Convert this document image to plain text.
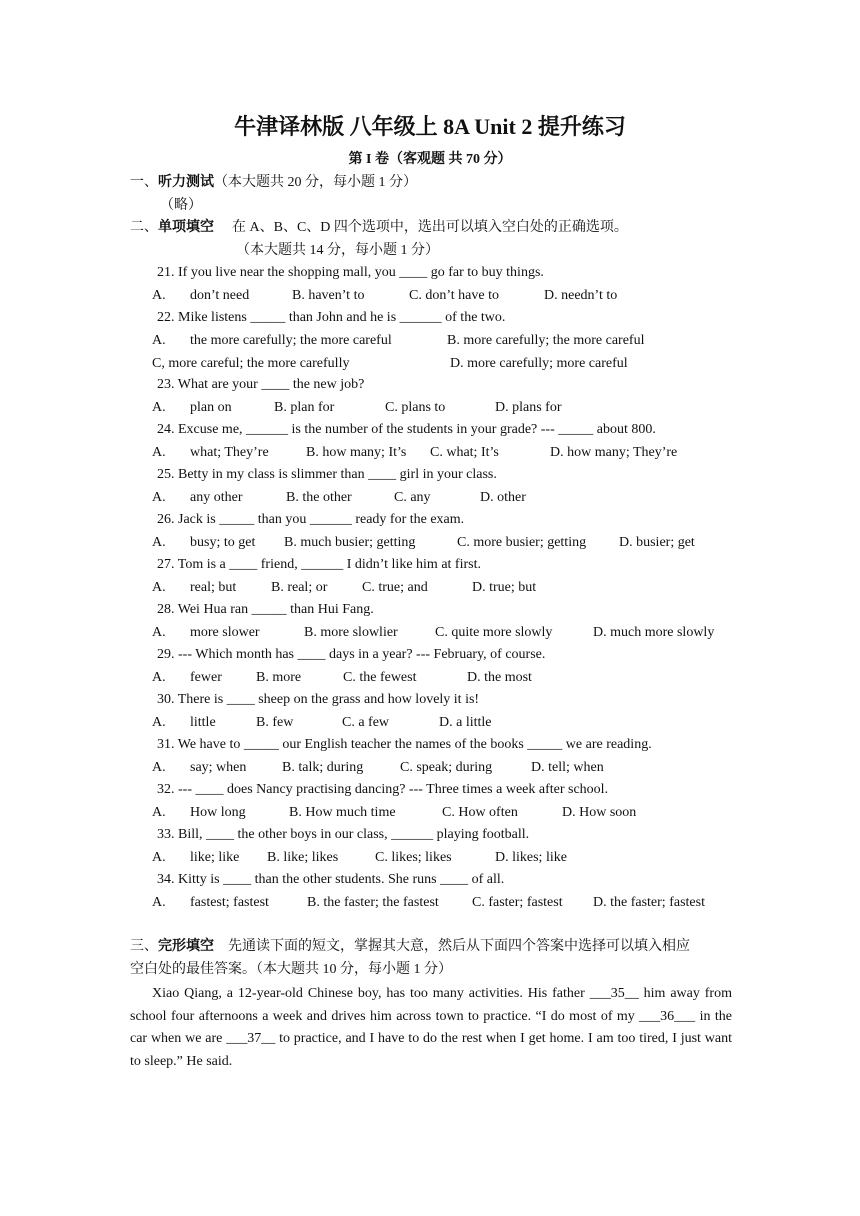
牛津译林版 八年级上 8A Unit 2 提升练习
第 I 卷（客观题 共 70 分）
一、听力测试（本大题共 20 分，每小题 1 分）
（略）
二、单项填空 在 A、B、C、D 四个选项中，选出可以填入空白处的正确选项。
（本大题共 14 分，每小题 1 分）
21. If you live near the shopping mall, you ____ go far to buy things.
A. don’t need	B. haven’t to	C. don’t have to	D. needn’t to
22. Mike listens _____ than John and he is ______ of the two.
A. the more carefully; the more careful	B. more carefully; the more careful
C, more careful; the more carefully	D. more carefully; more careful
23. What are your ____ the new job?
A. plan on	B. plan for	C. plans to	D. plans for
24. Excuse me, ______ is the number of the students in your grade? --- _____ about 800.
A. what; They’re	B. how many; It’s C. what; It’s	D. how many; They’re
25. Betty in my class is slimmer than ____ girl in your class.
A. any other	B. the other	C. any	D. other
26. Jack is _____ than you ______ ready for the exam.
A. busy; to get B. much busier; getting	C. more busier; getting D. busier; get
27. Tom is a ____ friend, ______ I didn’t like him at first.
A. real; but B. real; or C. true; and	D. true; but
28. Wei Hua ran _____ than Hui Fang.
A. more slower	B. more slowlier	C. quite more slowly	D. much more slowly
29. --- Which month has ____ days in a year? --- February, of course.
A. fewer B. more	C. the fewest	D. the most
30. There is ____ sheep on the grass and how lovely it is!
A. little	B. few	C. a few	D. a little
31. We have to _____ our English teacher the names of the books _____ we are reading.
A. say; when	B. talk; during	C. speak; during	D. tell; when
32. --- ____ does Nancy practising dancing? --- Three times a week after school.
A. How long	B. How much time	C. How often	D. How soon
33. Bill, ____ the other boys in our class, ______ playing football.
A. like; like B. like; likes	C. likes; likes	D. likes; like
34. Kitty is ____ than the other students. She runs ____ of all.
A. fastest; fastest	B. the faster; the fastest C. faster; fastest D. the faster; fastest
三、完形填空 先通读下面的短文，掌握其大意，然后从下面四个答案中选择可以填入相应
空白处的最佳答案。（本大题共 10 分，每小题 1 分）

Xiao Qiang, a 12-year-old Chinese boy, has too many activities. His father ___35__ him away from school four afternoons a week and drives him across town to practice. “I do most of my ___36___ in the car when we are ___37__ to practice, and I have to do the rest when I get home. I am too tired, I just want to sleep.” He said.
